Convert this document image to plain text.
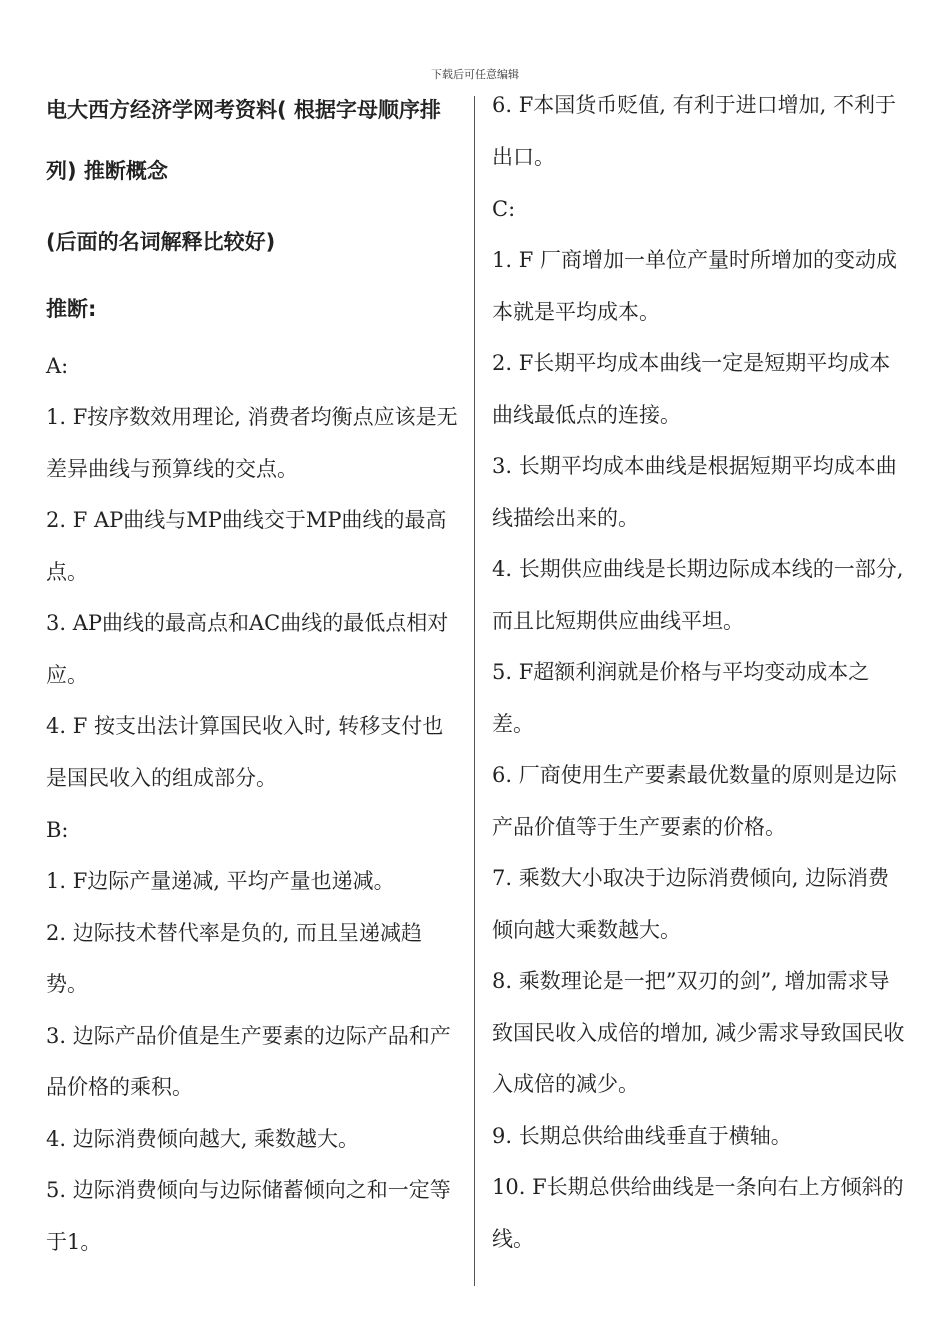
下载后可任意编辑

电大西方经济学网考资料( 根据字母顺序排列) 推断概念

(后面的名词解释比较好)

推断:

A:

1. F按序数效用理论, 消费者均衡点应该是无差异曲线与预算线的交点。

2. F AP曲线与MP曲线交于MP曲线的最高点。

3. AP曲线的最高点和AC曲线的最低点相对应。

4. F 按支出法计算国民收入时, 转移支付也是国民收入的组成部分。

B:

1. F边际产量递减, 平均产量也递减。

2. 边际技术替代率是负的, 而且呈递减趋势。

3. 边际产品价值是生产要素的边际产品和产品价格的乘积。

4. 边际消费倾向越大, 乘数越大。

5. 边际消费倾向与边际储蓄倾向之和一定等于1。

6. F本国货币贬值, 有利于进口增加, 不利于出口。

C:

1. F 厂商增加一单位产量时所增加的变动成本就是平均成本。

2. F长期平均成本曲线一定是短期平均成本曲线最低点的连接。

3. 长期平均成本曲线是根据短期平均成本曲线描绘出来的。

4. 长期供应曲线是长期边际成本线的一部分, 而且比短期供应曲线平坦。

5. F超额利润就是价格与平均变动成本之差。

6. 厂商使用生产要素最优数量的原则是边际产品价值等于生产要素的价格。

7. 乘数大小取决于边际消费倾向, 边际消费倾向越大乘数越大。

8. 乘数理论是一把”双刃的剑”, 增加需求导致国民收入成倍的增加, 减少需求导致国民收入成倍的减少。

9. 长期总供给曲线垂直于横轴。

10. F长期总供给曲线是一条向右上方倾斜的线。
